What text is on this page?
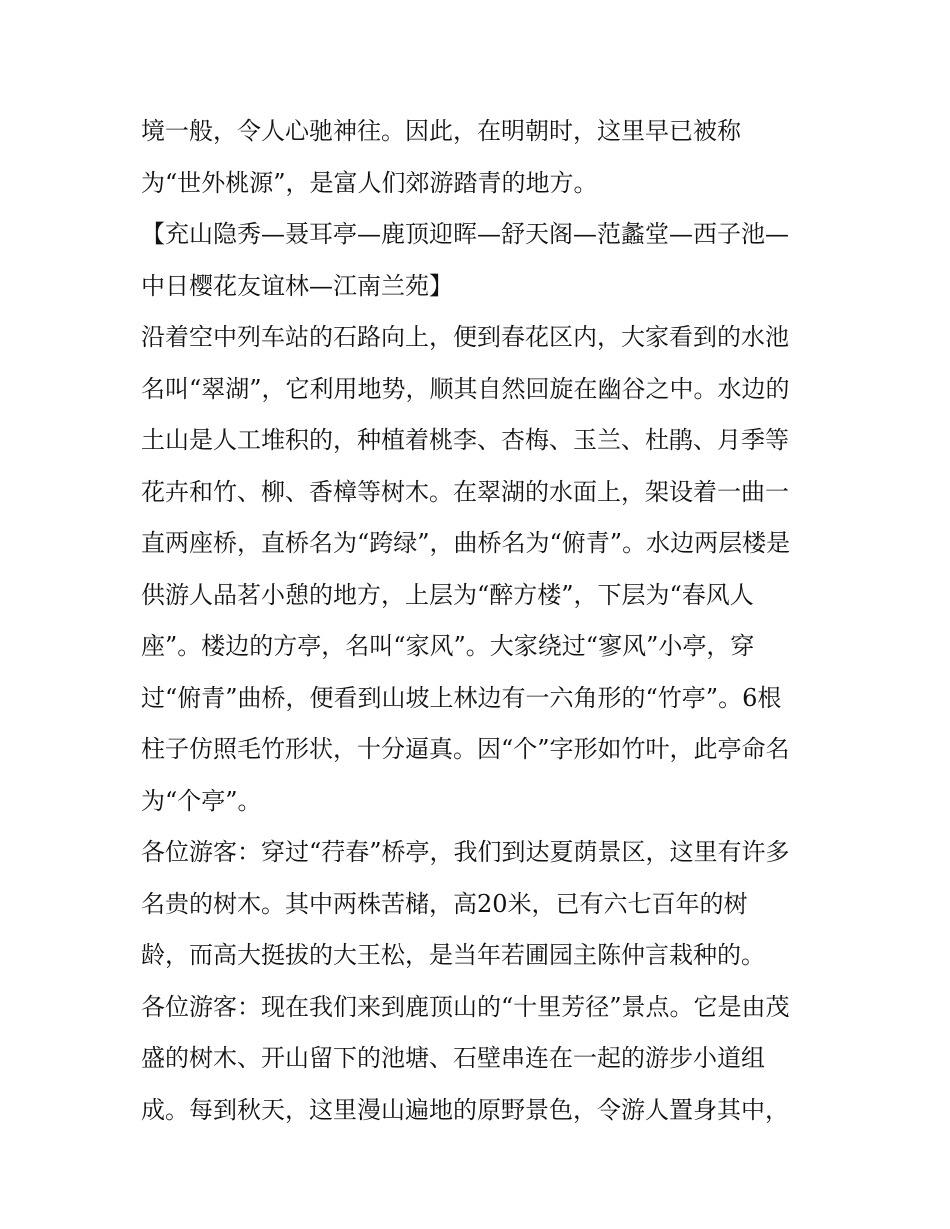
境一般，令人心驰神往。因此，在明朝时，这里早已被称
为“世外桃源”，是富人们郊游踏青的地方。
【充山隐秀—聂耳亭—鹿顶迎晖—舒天阁—范蠡堂—西子池—
中日樱花友谊林—江南兰苑】
沿着空中列车站的石路向上，便到春花区内，大家看到的水池
名叫“翠湖”，它利用地势，顺其自然回旋在幽谷之中。水边的
土山是人工堆积的，种植着桃李、杏梅、玉兰、杜鹃、月季等
花卉和竹、柳、香樟等树木。在翠湖的水面上，架设着一曲一
直两座桥，直桥名为“跨绿”，曲桥名为“俯青”。水边两层楼是
供游人品茗小憩的地方，上层为“醉方楼”，下层为“春风人
座”。楼边的方亭，名叫“家风”。大家绕过“寥风”小亭，穿
过“俯青”曲桥，便看到山坡上林边有一六角形的“竹亭”。6根
柱子仿照毛竹形状，十分逼真。因“个”字形如竹叶，此亭命名
为“个亭”。
各位游客：穿过“荇春”桥亭，我们到达夏荫景区，这里有许多
名贵的树木。其中两株苦槠，高20米，已有六七百年的树
龄，而高大挺拔的大王松，是当年若圃园主陈仲言栽种的。
各位游客：现在我们来到鹿顶山的“十里芳径”景点。它是由茂
盛的树木、开山留下的池塘、石壁串连在一起的游步小道组
成。每到秋天，这里漫山遍地的原野景色，令游人置身其中，
